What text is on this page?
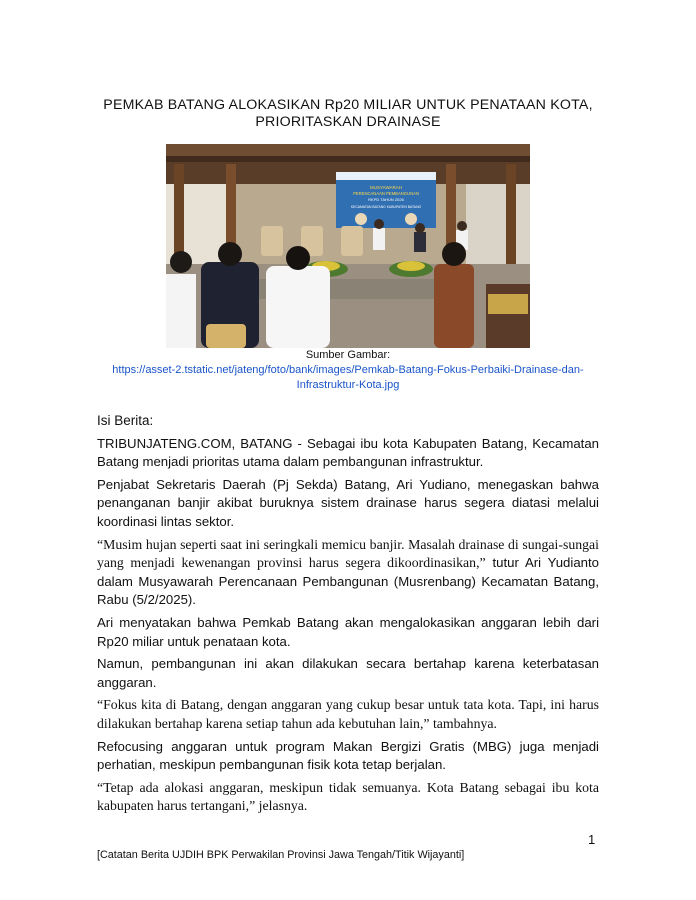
PEMKAB BATANG ALOKASIKAN Rp20 MILIAR UNTUK PENATAAN KOTA,
PRIORITASKAN DRAINASE
MUSYAWARAH
PERENCANAAN PEMBANGUNAN
RKPD TAHUN 2026
KECAMATAN BATANG KABUPATEN BATANG
Sumber Gambar:
https://asset-2.tstatic.net/jateng/foto/bank/images/Pemkab-Batang-Fokus-Perbaiki-Drainase-dan-
Infrastruktur-Kota.jpg
Isi Berita:

TRIBUNJATENG.COM, BATANG - Sebagai ibu kota Kabupaten Batang, Kecamatan Batang menjadi prioritas utama dalam pembangunan infrastruktur.

Penjabat Sekretaris Daerah (Pj Sekda) Batang, Ari Yudiano, menegaskan bahwa penanganan banjir akibat buruknya sistem drainase harus segera diatasi melalui koordinasi lintas sektor.

“Musim hujan seperti saat ini seringkali memicu banjir. Masalah drainase di sungai-sungai yang menjadi kewenangan provinsi harus segera dikoordinasikan,” tutur Ari Yudianto dalam Musyawarah Perencanaan Pembangunan (Musrenbang) Kecamatan Batang, Rabu (5/2/2025).

Ari menyatakan bahwa Pemkab Batang akan mengalokasikan anggaran lebih dari Rp20 miliar untuk penataan kota.

Namun, pembangunan ini akan dilakukan secara bertahap karena keterbatasan anggaran.

“Fokus kita di Batang, dengan anggaran yang cukup besar untuk tata kota. Tapi, ini harus dilakukan bertahap karena setiap tahun ada kebutuhan lain,” tambahnya.

Refocusing anggaran untuk program Makan Bergizi Gratis (MBG) juga menjadi perhatian, meskipun pembangunan fisik kota tetap berjalan.

“Tetap ada alokasi anggaran, meskipun tidak semuanya. Kota Batang sebagai ibu kota kabupaten harus tertangani,” jelasnya.

1
[Catatan Berita UJDIH BPK Perwakilan Provinsi Jawa Tengah/Titik Wijayanti]
